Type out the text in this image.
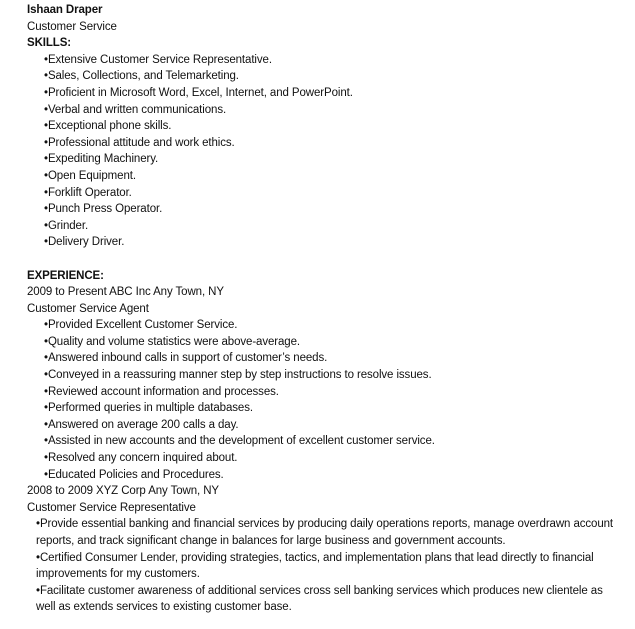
Ishaan Draper
Customer Service
SKILLS:
•Extensive Customer Service Representative.
•Sales, Collections, and Telemarketing.
•Proficient in Microsoft Word, Excel, Internet, and PowerPoint.
•Verbal and written communications.
•Exceptional phone skills.
•Professional attitude and work ethics.
•Expediting Machinery.
•Open Equipment.
•Forklift Operator.
•Punch Press Operator.
•Grinder.
•Delivery Driver.
EXPERIENCE:
2009 to Present ABC Inc Any Town, NY
Customer Service Agent
•Provided Excellent Customer Service.
•Quality and volume statistics were above-average.
•Answered inbound calls in support of customer’s needs.
•Conveyed in a reassuring manner step by step instructions to resolve issues.
•Reviewed account information and processes.
•Performed queries in multiple databases.
•Answered on average 200 calls a day.
•Assisted in new accounts and the development of excellent customer service.
•Resolved any concern inquired about.
•Educated Policies and Procedures.
2008 to 2009 XYZ Corp Any Town, NY
Customer Service Representative
•Provide essential banking and financial services by producing daily operations reports, manage overdrawn account reports, and track significant change in balances for large business and government accounts.
•Certified Consumer Lender, providing strategies, tactics, and implementation plans that lead directly to financial improvements for my customers.
•Facilitate customer awareness of additional services cross sell banking services which produces new clientele as well as extends services to existing customer base.
